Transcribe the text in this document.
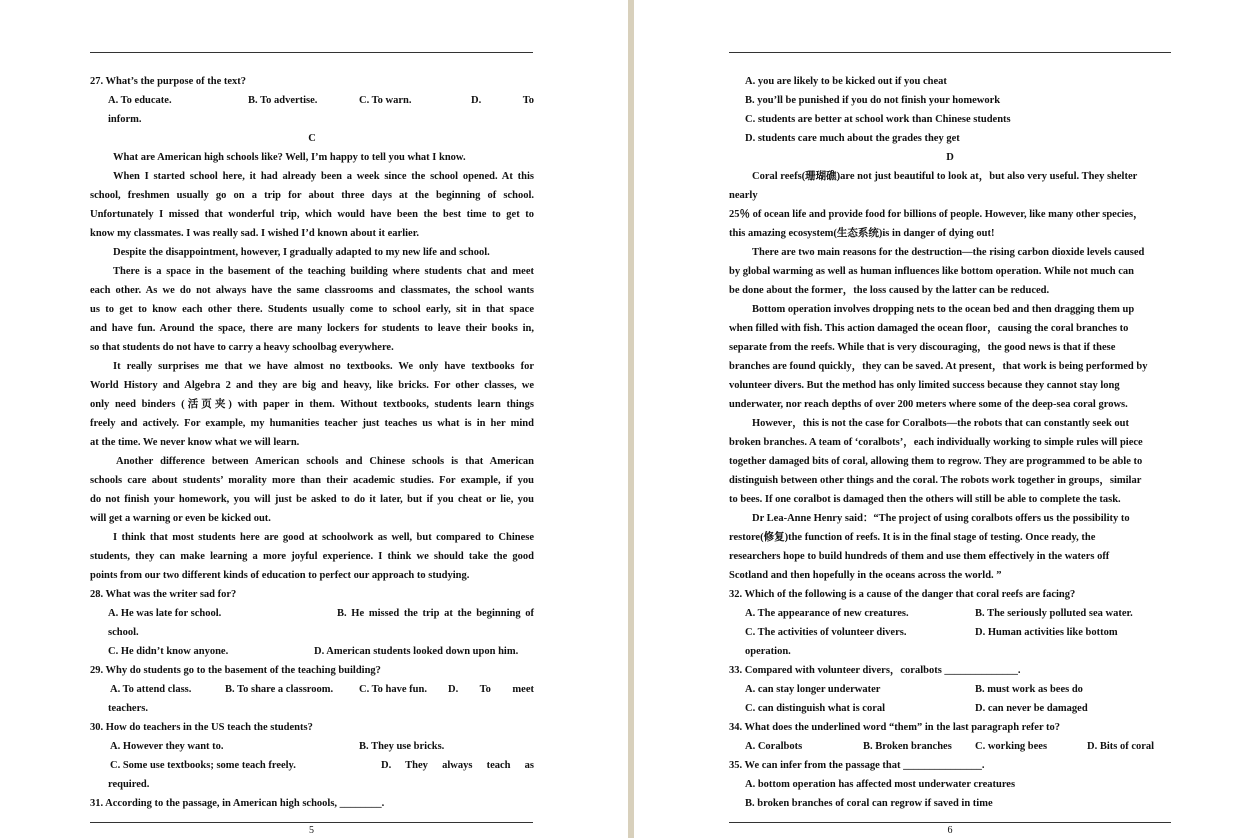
27. What’s the purpose of the text?
A. To educate.	B. To advertise.	C. To warn.	D. To
inform.
C
What are American high schools like? Well, I’m happy to tell you what I know.
When I started school here, it had already been a week since the school opened. At this
school, freshmen usually go on a trip for about three days at the beginning of school.
Unfortunately I missed that wonderful trip, which would have been the best time to get to
know my classmates. I was really sad. I wished I’d known about it earlier.
Despite the disappointment, however, I gradually adapted to my new life and school.
There is a space in the basement of the teaching building where students chat and meet
each other. As we do not always have the same classrooms and classmates, the school wants
us to get to know each other there. Students usually come to school early, sit in that space
and have fun. Around the space, there are many lockers for students to leave their books in,
so that students do not have to carry a heavy schoolbag everywhere.
It really surprises me that we have almost no textbooks. We only have textbooks for
World History and Algebra 2 and they are big and heavy, like bricks. For other classes, we
only need binders (活页夹) with paper in them. Without textbooks, students learn things
freely and actively. For example, my humanities teacher just teaches us what is in her mind
at the time. We never know what we will learn.
Another difference between American schools and Chinese schools is that American
schools care about students’ morality more than their academic studies. For example, if you
do not finish your homework, you will just be asked to do it later, but if you cheat or lie, you
will get a warning or even be kicked out.
I think that most students here are good at schoolwork as well, but compared to Chinese
students, they can make learning a more joyful experience. I think we should take the good
points from our two different kinds of education to perfect our approach to studying.
28. What was the writer sad for?
A. He was late for school.	B. He missed the trip at the beginning of
school.
C. He didn’t know anyone.	D. American students looked down upon him.
29. Why do students go to the basement of the teaching building?
A. To attend class.	B. To share a classroom. C. To have fun. D. To meet
teachers.
30. How do teachers in the US teach the students?
A. However they want to.	B. They use bricks.
C. Some use textbooks; some teach freely.	D. They always teach as
required.
31. According to the passage, in American high schools, ________.
5
A. you are likely to be kicked out if you cheat
B. you’ll be punished if you do not finish your homework
C. students are better at school work than Chinese students
D. students care much about the grades they get
D
Coral reefs(珊瑚礁)are not just beautiful to look at，but also very useful. They shelter
nearly
25％ of ocean life and provide food for billions of people. However, like many other species，
this amazing ecosystem(生态系统)is in danger of dying out!
There are two main reasons for the destruction—the rising carbon dioxide levels caused
by global warming as well as human influences like bottom operation. While not much can
be done about the former，the loss caused by the latter can be reduced.
Bottom operation involves dropping nets to the ocean bed and then dragging them up
when filled with fish. This action damaged the ocean floor，causing the coral branches to
separate from the reefs. While that is very discouraging，the good news is that if these
branches are found quickly，they can be saved. At present，that work is being performed by
volunteer divers. But the method has only limited success because they cannot stay long
underwater, nor reach depths of over 200 meters where some of the deep-sea coral grows.
However，this is not the case for Coralbots—the robots that can constantly seek out
broken branches. A team of ‘coralbots’，each individually working to simple rules will piece
together damaged bits of coral, allowing them to regrow. They are programmed to be able to
distinguish between other things and the coral. The robots work together in groups，similar
to bees. If one coralbot is damaged then the others will still be able to complete the task.
Dr Lea-Anne Henry said：“The project of using coralbots offers us the possibility to
restore(修复)the function of reefs. It is in the final stage of testing. Once ready, the
researchers hope to build hundreds of them and use them effectively in the waters off
Scotland and then hopefully in the oceans across the world. ”
32. Which of the following is a cause of the danger that coral reefs are facing?
A. The appearance of new creatures.	B. The seriously polluted sea water.
C. The activities of volunteer divers.	D. Human activities like bottom
operation.
33. Compared with volunteer divers，coralbots ______________.
A. can stay longer underwater	B. must work as bees do
C. can distinguish what is coral	D. can never be damaged
34. What does the underlined word “them” in the last paragraph refer to?
A. Coralbots	B. Broken branches C. working bees	D. Bits of coral
35. We can infer from the passage that _______________.
A. bottom operation has affected most underwater creatures
B. broken branches of coral can regrow if saved in time
6
